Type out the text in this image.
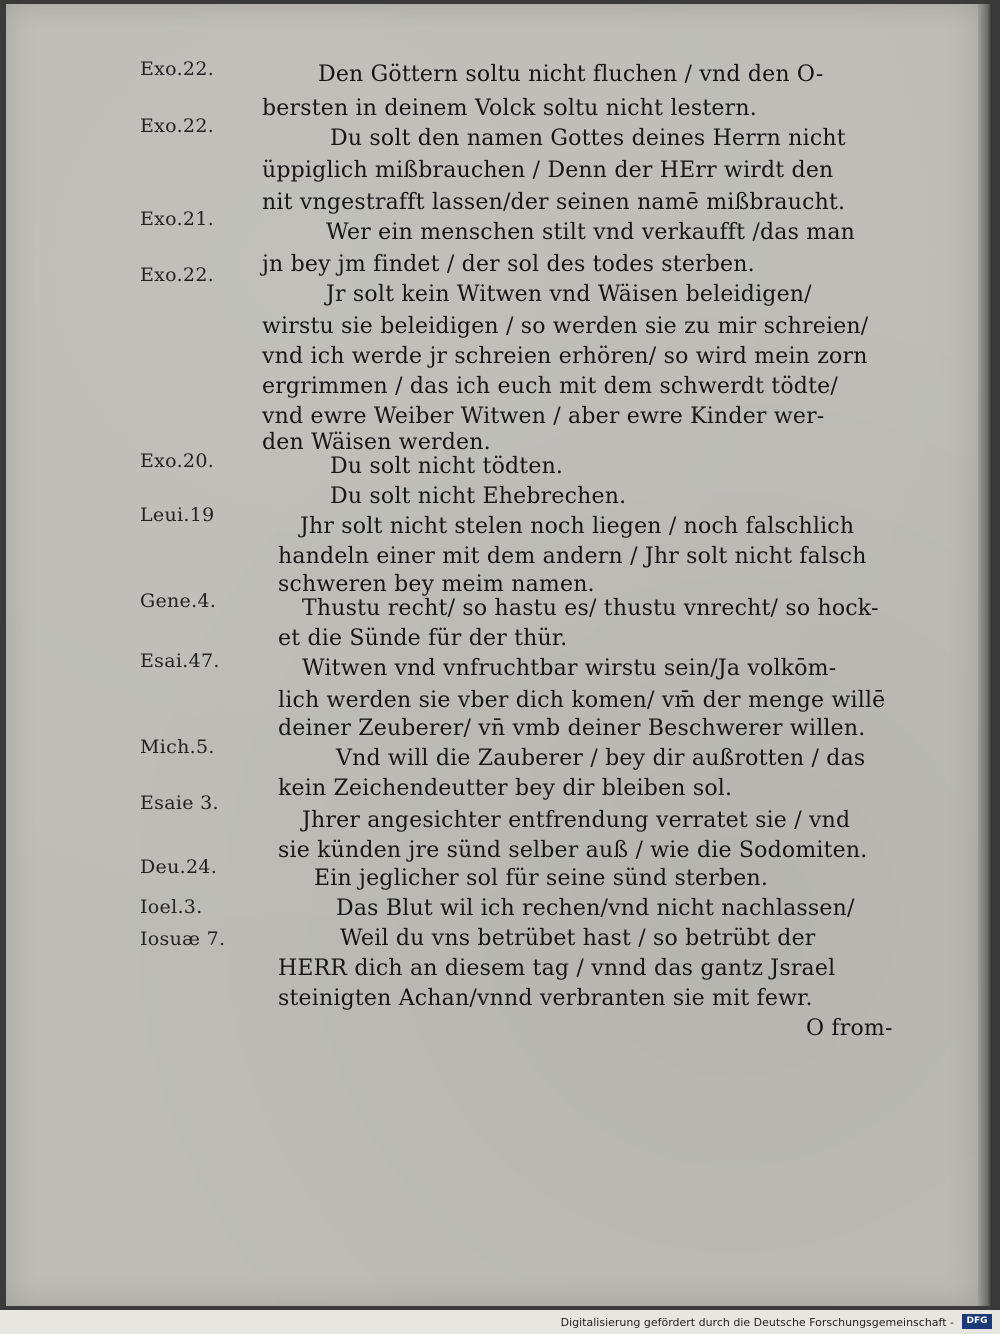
Exo.22.
Exo.22.
Exo.21.
Exo.22.
Exo.20.
Leui.19
Gene.4.
Esai.47.
Mich.5.
Esaie 3.
Deu.24.
Ioel.3.
Iosuæ 7.
Den Göttern soltu nicht fluchen / vnd den O-
bersten in deinem Volck soltu nicht lestern.
Du solt den namen Gottes deines Herrn nicht
üppiglich mißbrauchen / Denn der HErr wirdt den
nit vngestrafft lassen/der seinen namē mißbraucht.
Wer ein menschen stilt vnd verkaufft /das man
jn bey jm findet / der sol des todes sterben.
Jr solt kein Witwen vnd Wäisen beleidigen/
wirstu sie beleidigen / so werden sie zu mir schreien/
vnd ich werde jr schreien erhören/ so wird mein zorn
ergrimmen / das ich euch mit dem schwerdt tödte/
vnd ewre Weiber Witwen / aber ewre Kinder wer-
den Wäisen werden.
Du solt nicht tödten.
Du solt nicht Ehebrechen.
Jhr solt nicht stelen noch liegen / noch falschlich
handeln einer mit dem andern / Jhr solt nicht falsch
schweren bey meim namen.
Thustu recht/ so hastu es/ thustu vnrecht/ so hock-
et die Sünde für der thür.
Witwen vnd vnfruchtbar wirstu sein/Ja volkōm-
lich werden sie vber dich komen/ vm̄ der menge willē
deiner Zeuberer/ vn̄ vmb deiner Beschwerer willen.
Vnd will die Zauberer / bey dir außrotten / das
kein Zeichendeutter bey dir bleiben sol.
Jhrer angesichter entfrendung verratet sie / vnd
sie künden jre sünd selber auß / wie die Sodomiten.
Ein jeglicher sol für seine sünd sterben.
Das Blut wil ich rechen/vnd nicht nachlassen/
Weil du vns betrübet hast / so betrübt der
HERR dich an diesem tag / vnnd das gantz Jsrael
steinigten Achan/vnnd verbranten sie mit fewr.
O from-
Digitalisierung gefördert durch die Deutsche Forschungsgemeinschaft -	DFG
